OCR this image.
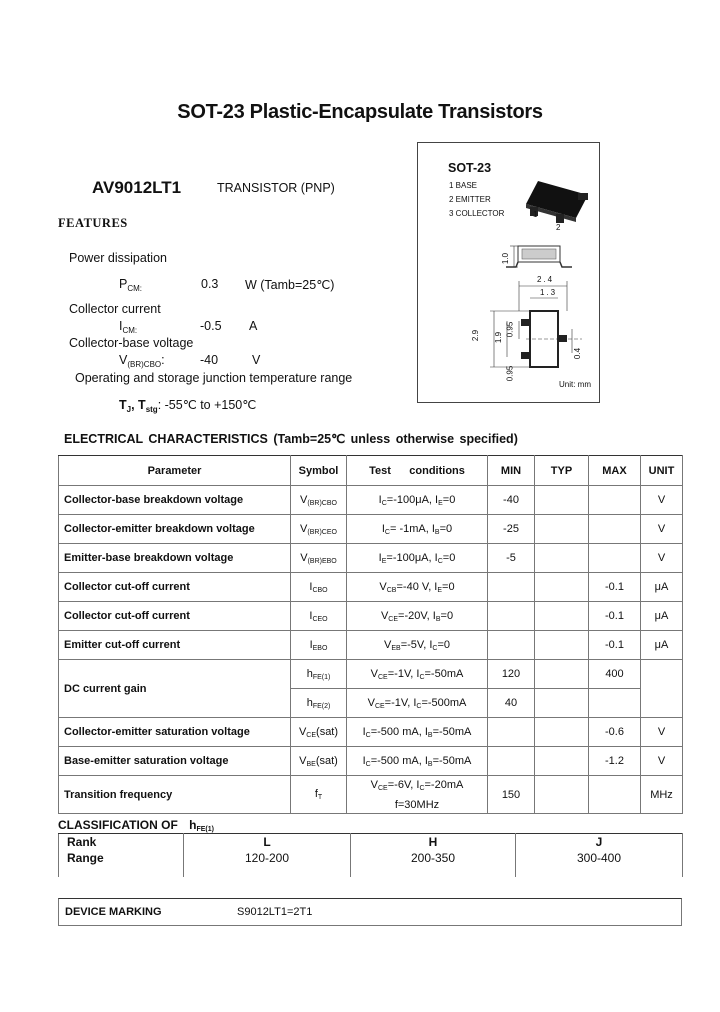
SOT-23 Plastic-Encapsulate Transistors
AV9012LT1	TRANSISTOR (PNP)
FEATURES
Power dissipation
$P_{CM:}$	0.3 W (Tamb=25℃)
Collector current
$I_{CM:}$	-0.5 A
Collector-base voltage
$V_{(BR)CBO}$:	-40	V
Operating and storage junction temperature range
$T_J$, $T_{stg}$: -55℃ to +150℃
SOT-23
1 BASE
2 EMITTER
3 COLLECTOR
3
1
2
1.0
2.4
1.3
2.9 1.9
0.95
0.4
0.95
Unit: mm
ELECTRICAL CHARACTERISTICS (Tamb=25℃ unless otherwise specified)
Parameter	Symbol	Test      conditions	MIN	TYP	MAX	UNIT
Collector-base breakdown voltage	V(BR)CBO	IC=-100μA, IE=0	-40			V
Collector-emitter breakdown voltage	V(BR)CEO	IC= -1mA, IB=0	-25			V
Emitter-base breakdown voltage	V(BR)EBO	IE=-100μA, IC=0	-5			V
Collector cut-off current	ICBO	VCB=-40 V, IE=0			-0.1	μA
Collector cut-off current	ICEO	VCE=-20V, IB=0			-0.1	μA
Emitter cut-off current	IEBO	VEB=-5V, IC=0			-0.1	μA
DC current gain	hFE(1)	VCE=-1V, IC=-50mA	120		400	
	hFE(2)	VCE=-1V, IC=-500mA	40			
Collector-emitter saturation voltage	VCE(sat)	IC=-500 mA, IB=-50mA			-0.6	V
Base-emitter saturation voltage	VBE(sat)	IC=-500 mA, IB=-50mA			-1.2	V
Transition frequency	fT	VCE=-6V, IC=-20mA
f=30MHz	150			MHz
CLASSIFICATION OF hFE(1)
Rank	L	H	J
Range	120-200	200-350	300-400
DEVICE MARKING	S9012LT1=2T1
